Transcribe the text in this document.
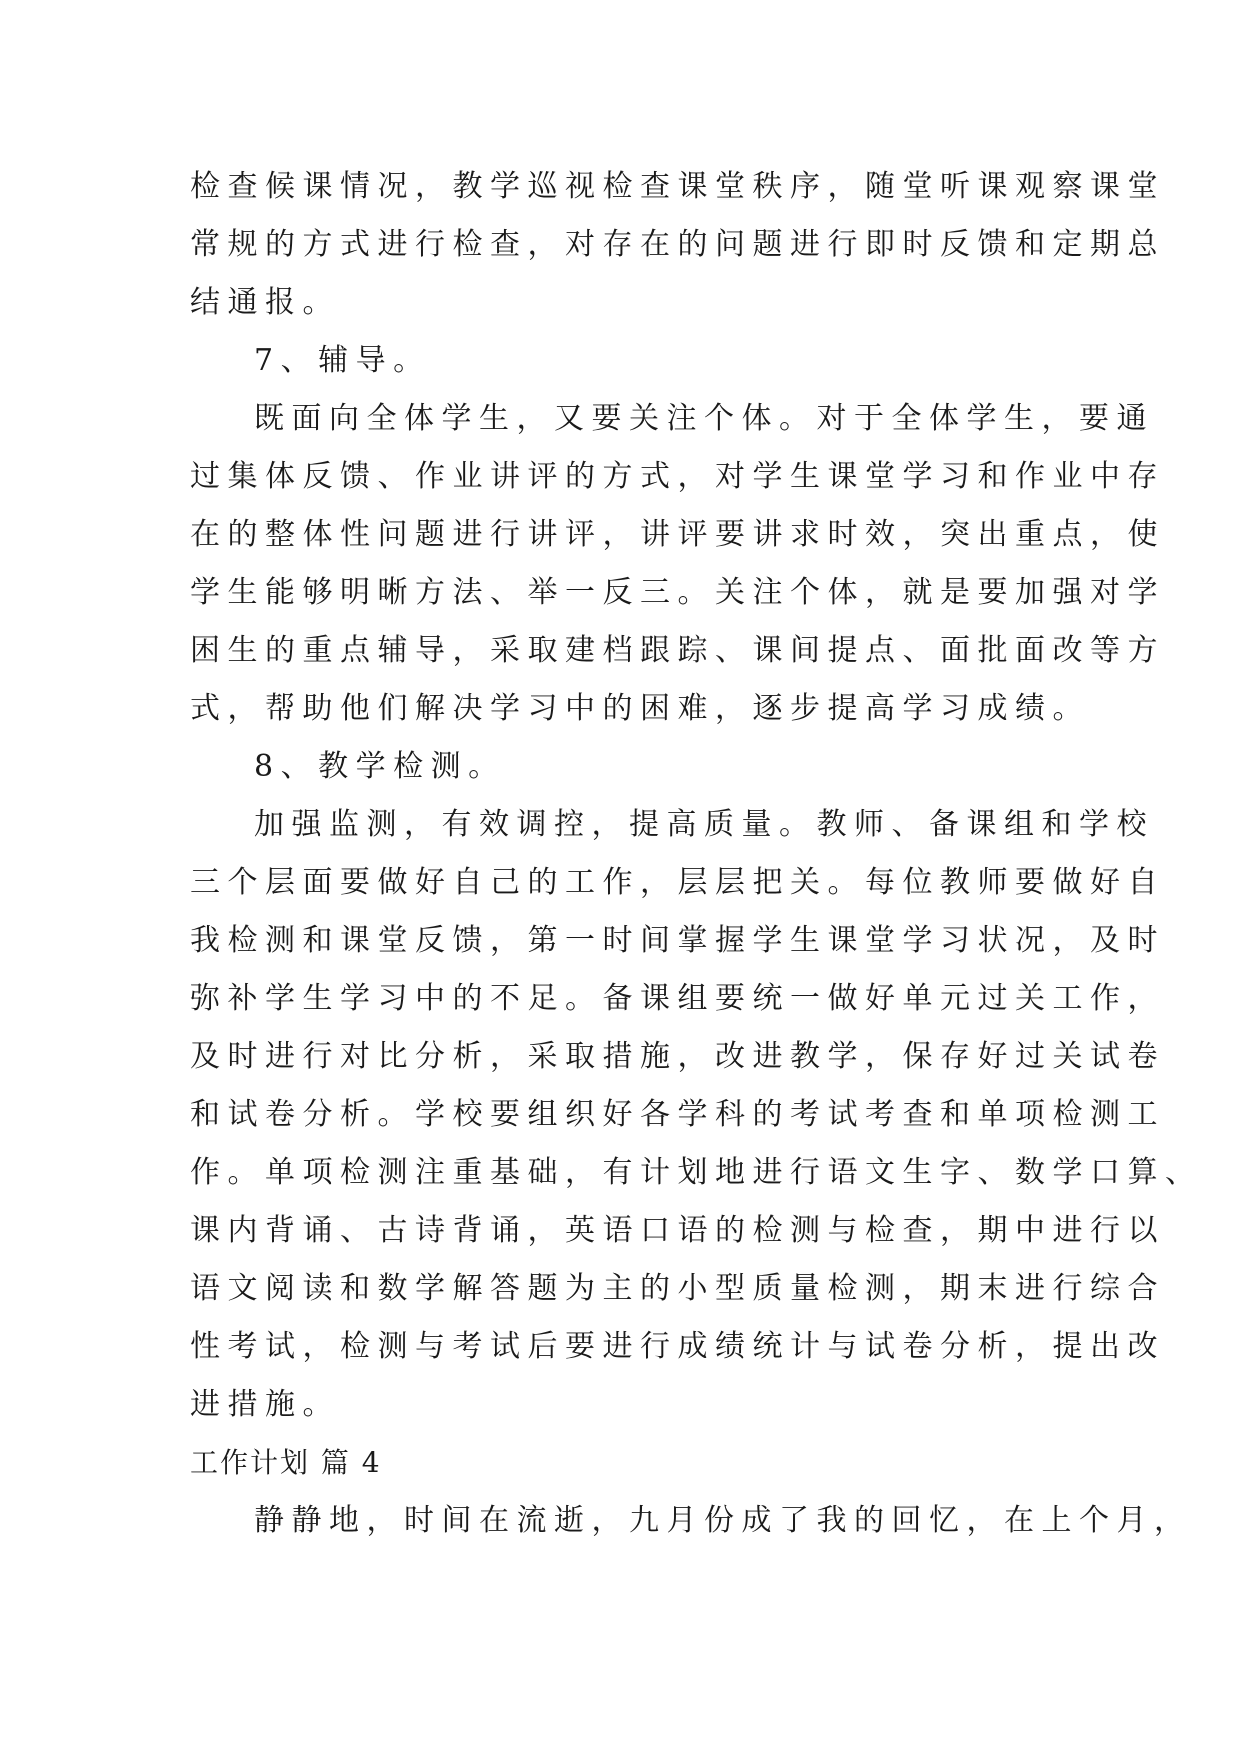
检查候课情况，教学巡视检查课堂秩序，随堂听课观察课堂
常规的方式进行检查，对存在的问题进行即时反馈和定期总
结通报。
7、辅导。
既面向全体学生，又要关注个体。对于全体学生，要通
过集体反馈、作业讲评的方式，对学生课堂学习和作业中存
在的整体性问题进行讲评，讲评要讲求时效，突出重点，使
学生能够明晰方法、举一反三。关注个体，就是要加强对学
困生的重点辅导，采取建档跟踪、课间提点、面批面改等方
式，帮助他们解决学习中的困难，逐步提高学习成绩。
8、教学检测。
加强监测，有效调控，提高质量。教师、备课组和学校
三个层面要做好自己的工作，层层把关。每位教师要做好自
我检测和课堂反馈，第一时间掌握学生课堂学习状况，及时
弥补学生学习中的不足。备课组要统一做好单元过关工作，
及时进行对比分析，采取措施，改进教学，保存好过关试卷
和试卷分析。学校要组织好各学科的考试考查和单项检测工
作。单项检测注重基础，有计划地进行语文生字、数学口算、
课内背诵、古诗背诵，英语口语的检测与检查，期中进行以
语文阅读和数学解答题为主的小型质量检测，期末进行综合
性考试，检测与考试后要进行成绩统计与试卷分析，提出改
进措施。
工作计划 篇 4
静静地，时间在流逝，九月份成了我的回忆，在上个月，
